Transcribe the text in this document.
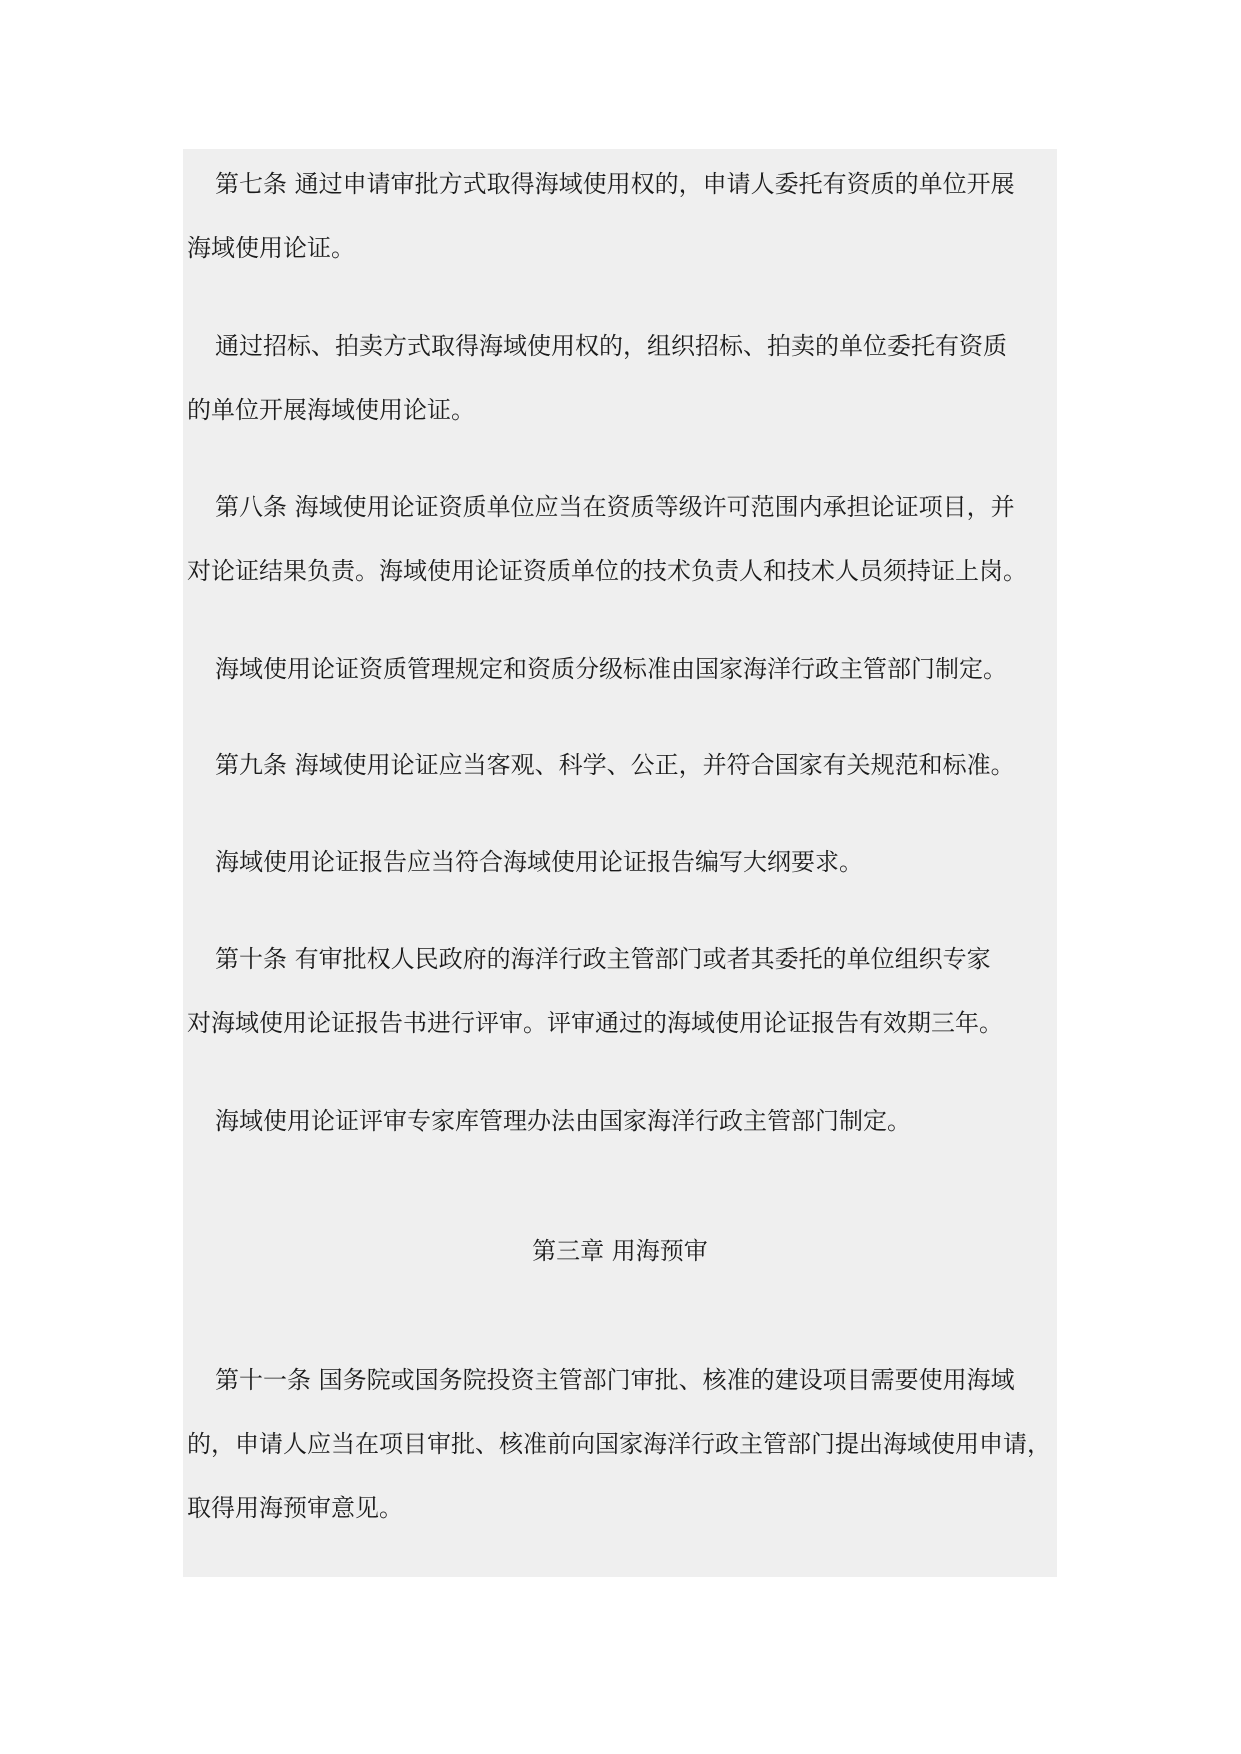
第七条 通过申请审批方式取得海域使用权的，申请人委托有资质的单位开展
海域使用论证。

通过招标、拍卖方式取得海域使用权的，组织招标、拍卖的单位委托有资质
的单位开展海域使用论证。

第八条 海域使用论证资质单位应当在资质等级许可范围内承担论证项目，并
对论证结果负责。海域使用论证资质单位的技术负责人和技术人员须持证上岗。

海域使用论证资质管理规定和资质分级标准由国家海洋行政主管部门制定。

第九条 海域使用论证应当客观、科学、公正，并符合国家有关规范和标准。

海域使用论证报告应当符合海域使用论证报告编写大纲要求。

第十条 有审批权人民政府的海洋行政主管部门或者其委托的单位组织专家
对海域使用论证报告书进行评审。评审通过的海域使用论证报告有效期三年。

海域使用论证评审专家库管理办法由国家海洋行政主管部门制定。

第三章 用海预审

第十一条 国务院或国务院投资主管部门审批、核准的建设项目需要使用海域
的，申请人应当在项目审批、核准前向国家海洋行政主管部门提出海域使用申请，
取得用海预审意见。
